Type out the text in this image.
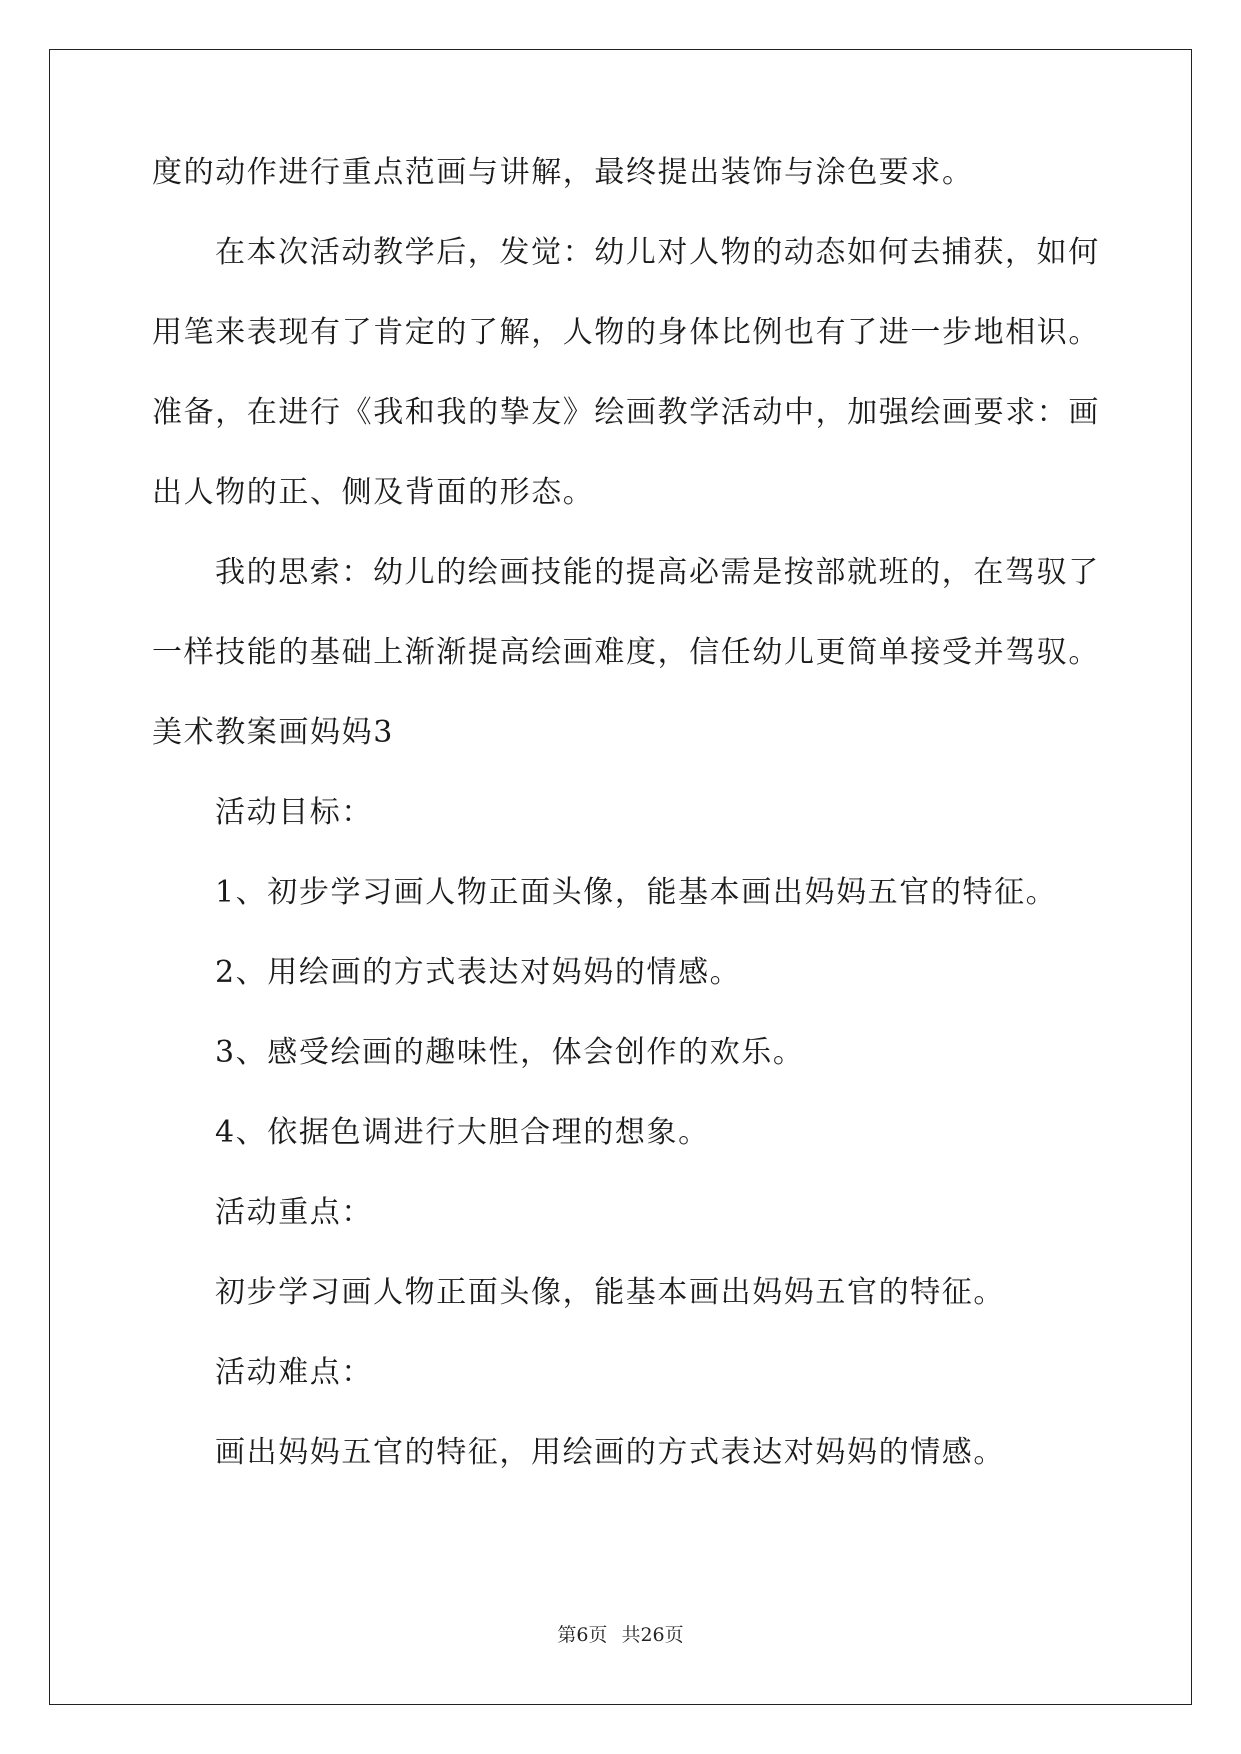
度的动作进行重点范画与讲解，最终提出装饰与涂色要求。
在本次活动教学后，发觉：幼儿对人物的动态如何去捕获，如何
用笔来表现有了肯定的了解，人物的身体比例也有了进一步地相识。
准备，在进行《我和我的挚友》绘画教学活动中，加强绘画要求：画
出人物的正、侧及背面的形态。
我的思索：幼儿的绘画技能的提高必需是按部就班的，在驾驭了
一样技能的基础上渐渐提高绘画难度，信任幼儿更简单接受并驾驭。
美术教案画妈妈3
活动目标：
1、初步学习画人物正面头像，能基本画出妈妈五官的特征。
2、用绘画的方式表达对妈妈的情感。
3、感受绘画的趣味性，体会创作的欢乐。
4、依据色调进行大胆合理的想象。
活动重点：
初步学习画人物正面头像，能基本画出妈妈五官的特征。
活动难点：
画出妈妈五官的特征，用绘画的方式表达对妈妈的情感。
第6页 共26页
